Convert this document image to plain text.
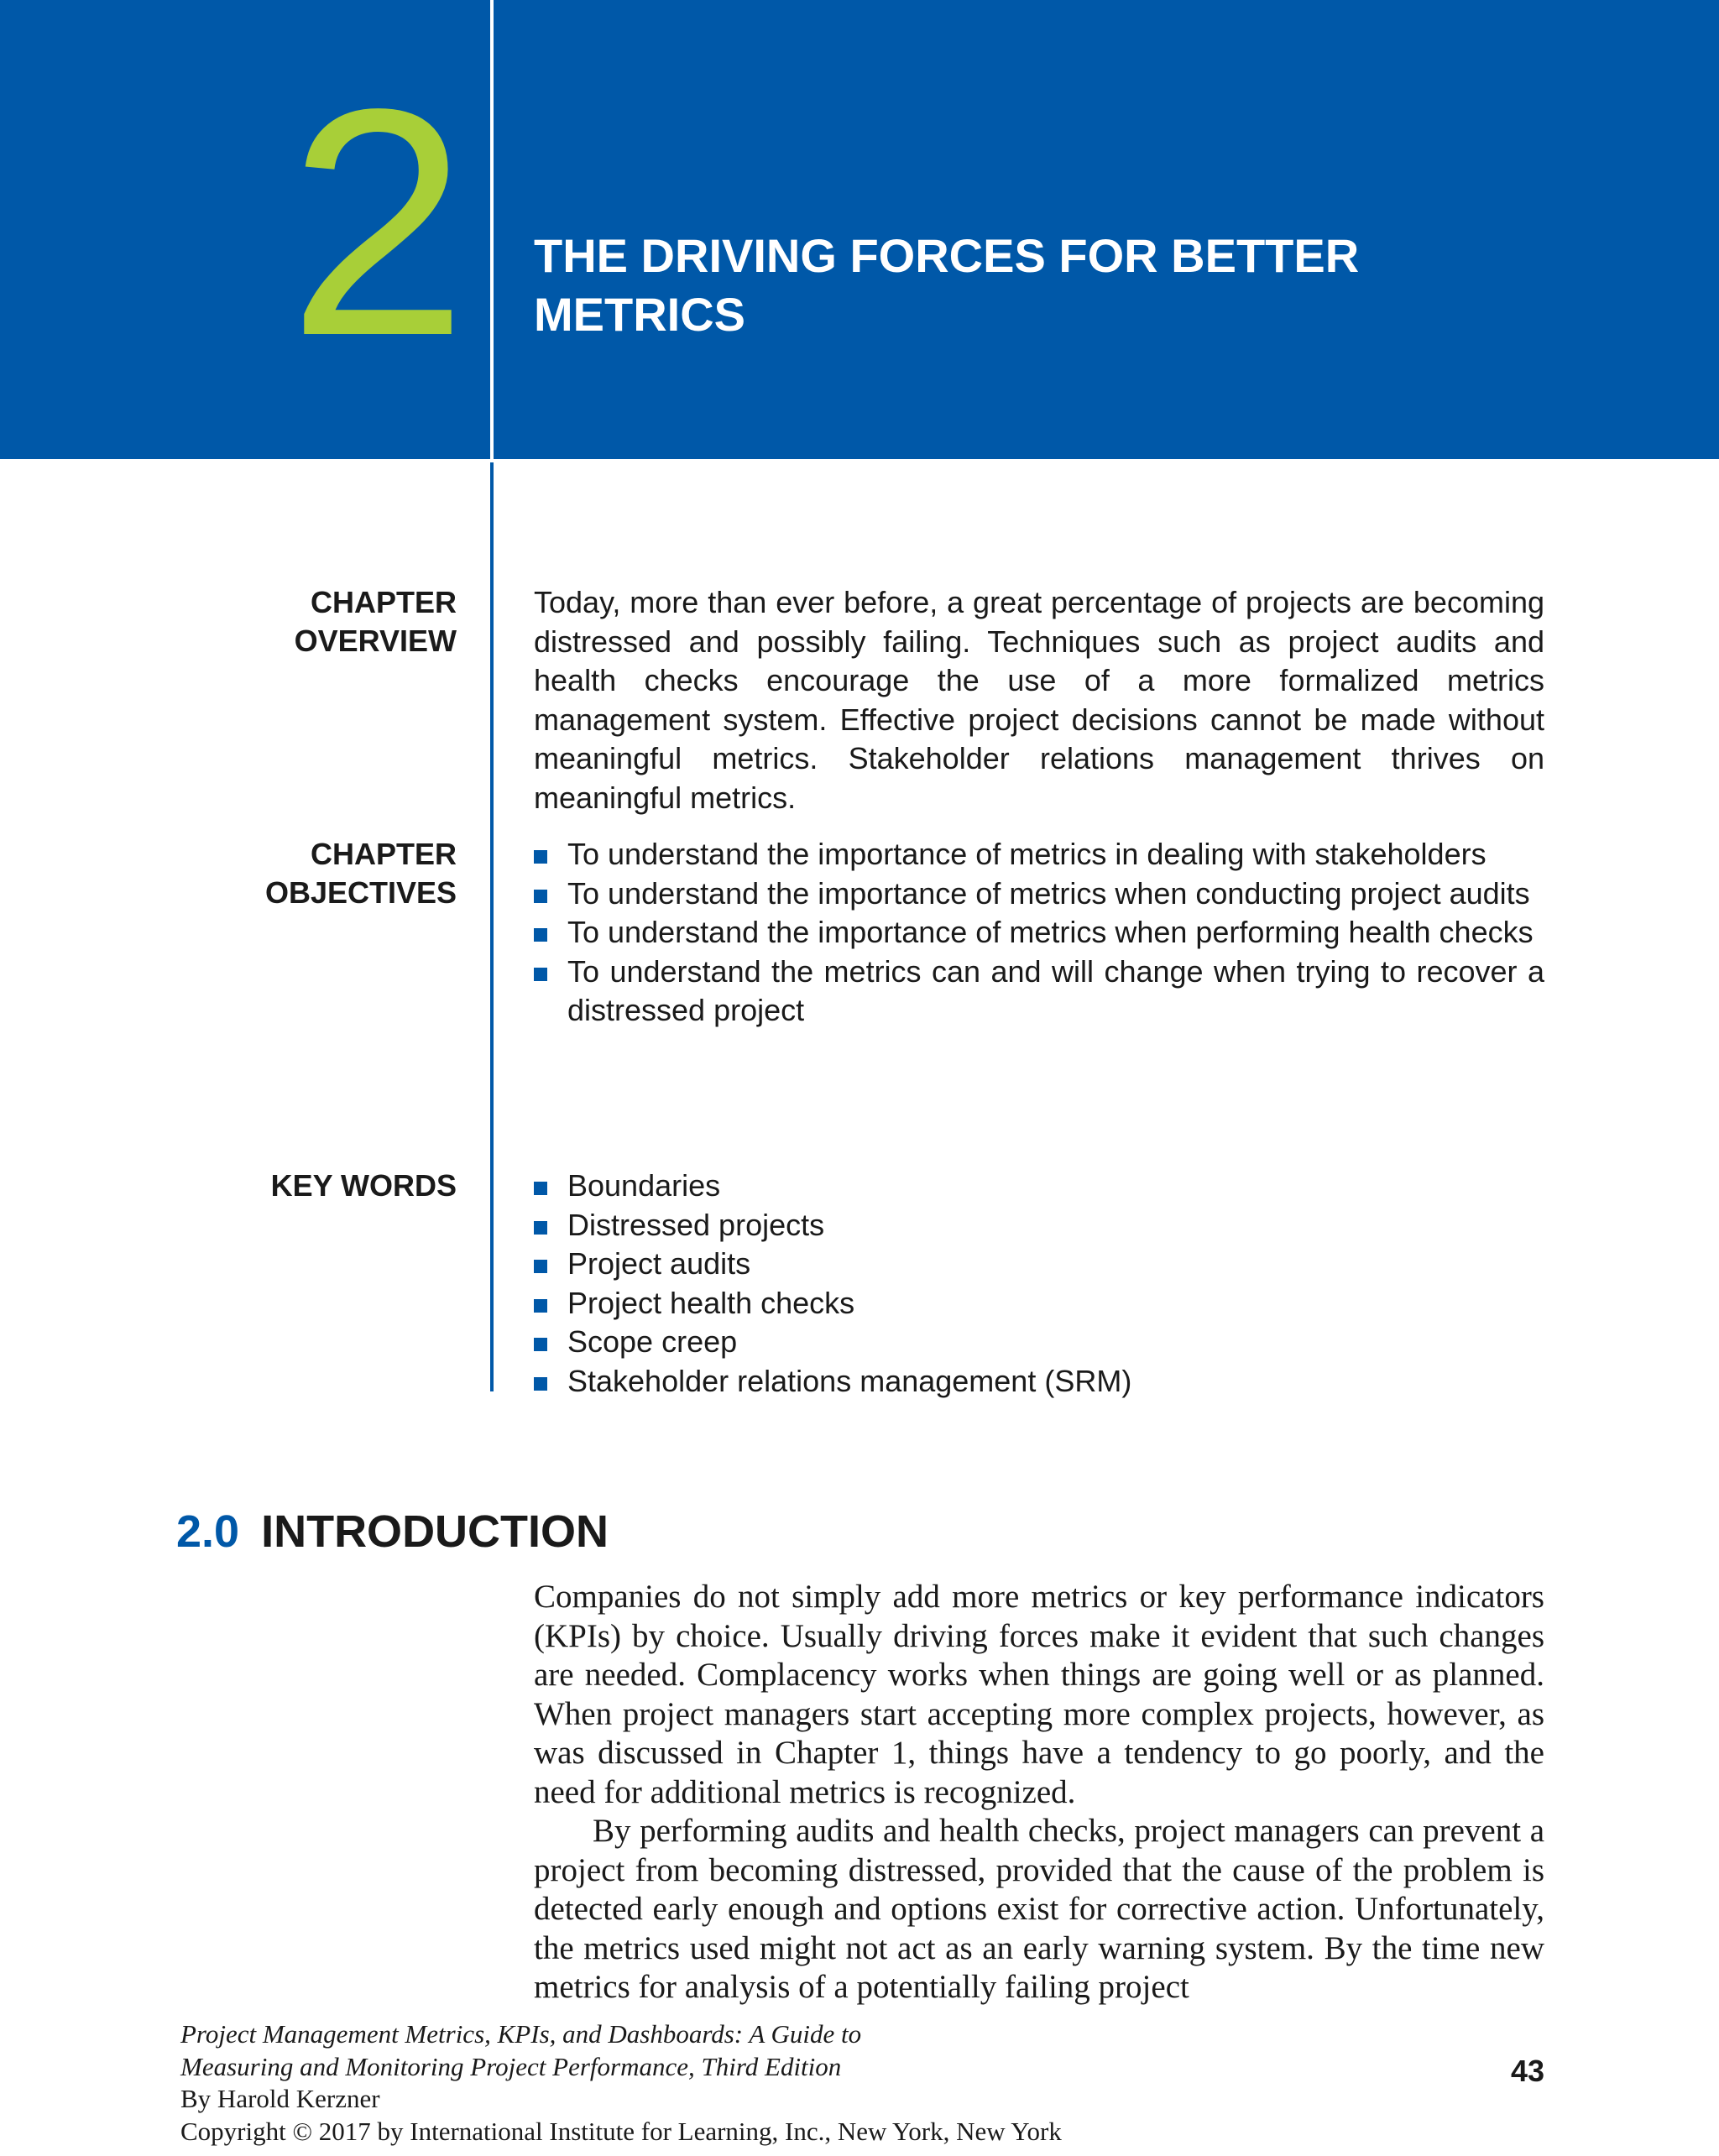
2 THE DRIVING FORCES FOR BETTER
METRICS
CHAPTER
OVERVIEW
Today, more than ever before, a great percentage of projects are becoming distressed and possibly failing. Techniques such as project audits and health checks encourage the use of a more formalized metrics management system. Effective project decisions cannot be made without meaningful metrics. Stakeholder relations management thrives on meaningful metrics.
CHAPTER
OBJECTIVES
To understand the importance of metrics in dealing with stakeholders
To understand the importance of metrics when conducting project audits
To understand the importance of metrics when performing health checks
To understand the metrics can and will change when trying to recover a distressed project
KEY WORDS	Boundaries
Distressed projects
Project audits
Project health checks
Scope creep
Stakeholder relations management (SRM)
2.0 INTRODUCTION

Companies do not simply add more metrics or key performance indicators (KPIs) by choice. Usually driving forces make it evident that such changes are needed. Complacency works when things are going well or as planned. When project managers start accepting more complex projects, however, as was discussed in Chapter 1, things have a tendency to go poorly, and the need for additional metrics is recognized.

By performing audits and health checks, project managers can prevent a project from becoming distressed, provided that the cause of the problem is detected early enough and options exist for corrective action. Unfortunately, the metrics used might not act as an early warning system. By the time new metrics for analysis of a potentially failing project

Project Management Metrics, KPIs, and Dashboards: A Guide to
Measuring and Monitoring Project Performance, Third Edition
By Harold Kerzner
Copyright © 2017 by International Institute for Learning, Inc., New York, New York
43
